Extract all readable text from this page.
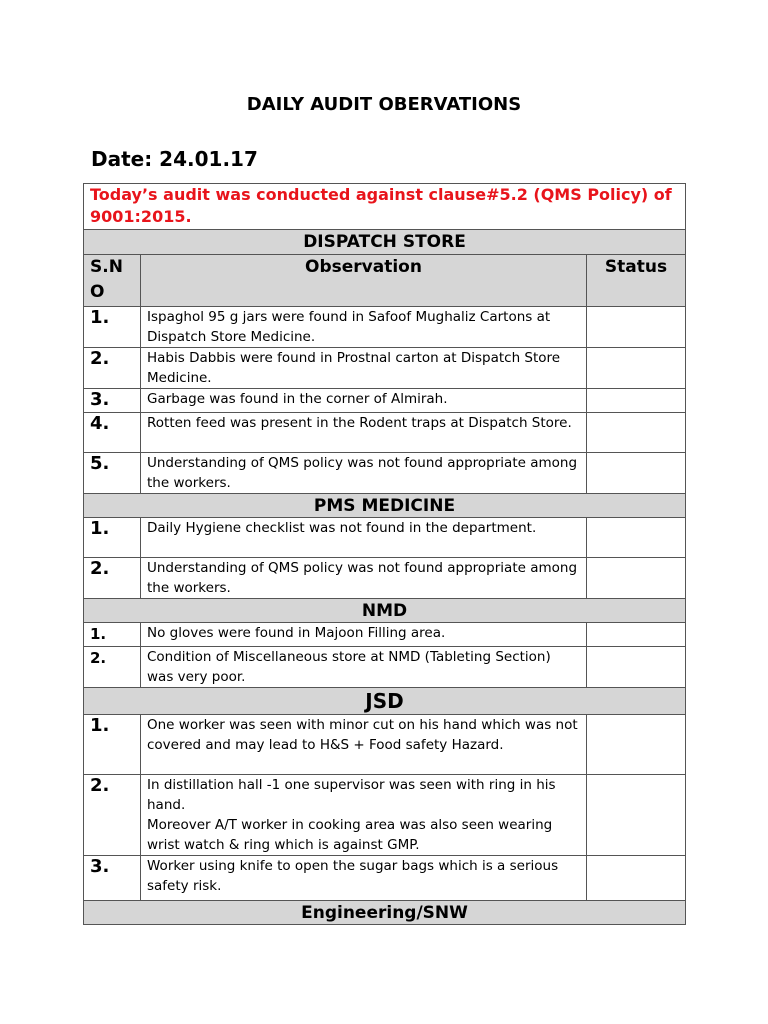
DAILY AUDIT OBERVATIONS
Date: 24.01.17
Today’s audit was conducted against clause#5.2 (QMS Policy) of 9001:2015.		
DISPATCH STORE		
S.N O	Observation	Status
1.	Ispaghol 95 g jars were found in Safoof Mughaliz Cartons at Dispatch Store Medicine.	
2.	Habis Dabbis were found in Prostnal carton at Dispatch Store Medicine.	
3.	Garbage was found in the corner of Almirah.	
4.	Rotten feed was present in the Rodent traps at Dispatch Store.	
5.	Understanding of QMS policy was not found appropriate among the workers.	
PMS MEDICINE		
1.	Daily Hygiene checklist was not found in the department.	
2.	Understanding of QMS policy was not found appropriate among the workers.	
NMD		
1.	No gloves were found in Majoon Filling area.	
2.	Condition of Miscellaneous store at NMD (Tableting Section) was very poor.	
JSD		
1.	One worker was seen with minor cut on his hand which was not covered and may lead to H&S + Food safety Hazard.	
2.	In distillation hall -1 one supervisor was seen with ring in his hand.
Moreover A/T worker in cooking area was also seen wearing wrist watch & ring which is against GMP.	

3.	Worker using knife to open the sugar bags which is a serious safety risk.	
Engineering/SNW		
